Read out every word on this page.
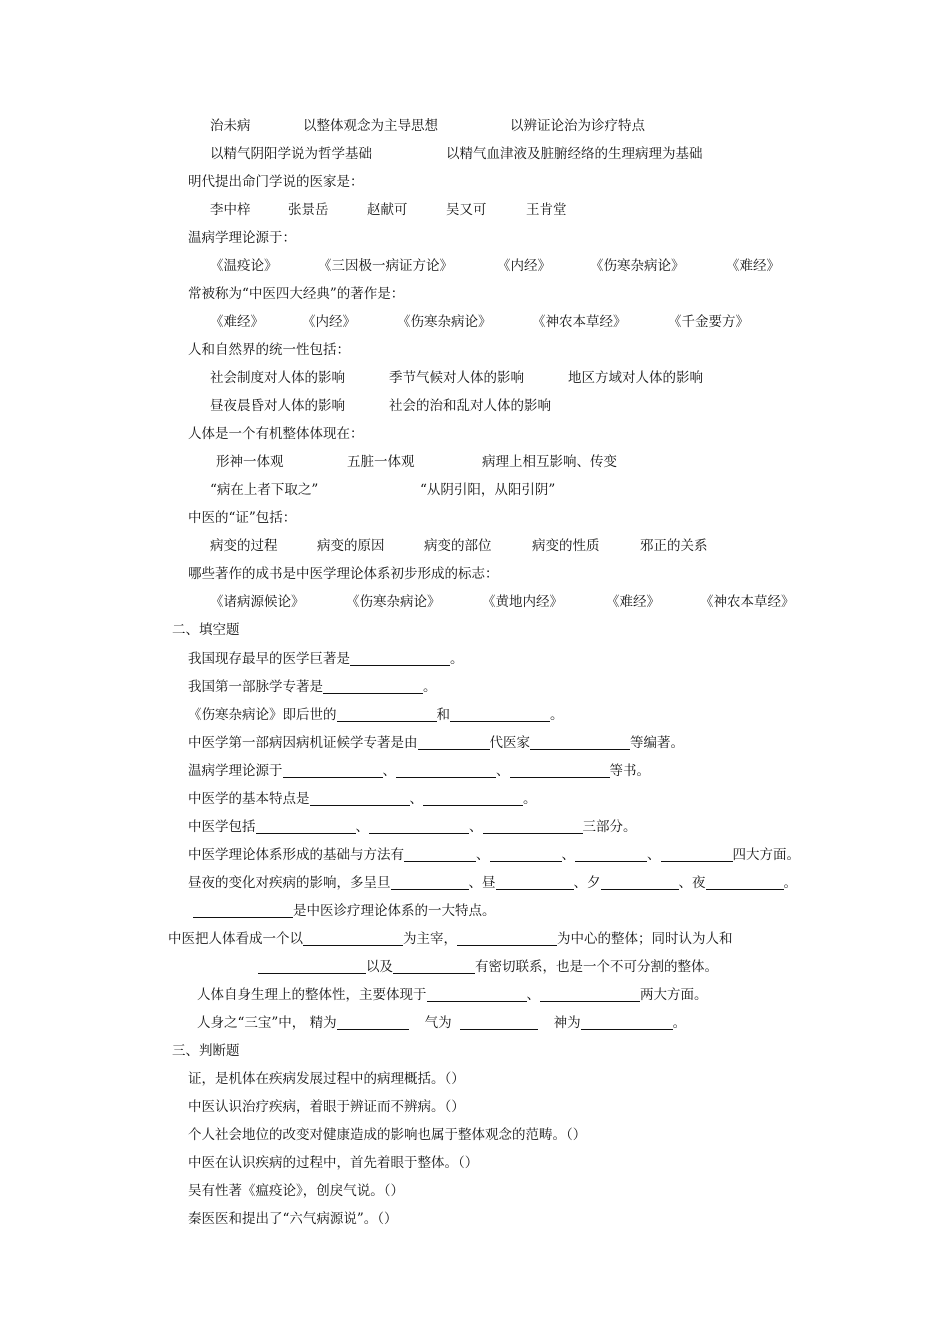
治未病	以整体观念为主导思想	以辨证论治为诊疗特点
以精气阴阳学说为哲学基础	以精气血津液及脏腑经络的生理病理为基础
明代提出命门学说的医家是：
李中梓	张景岳	赵献可	吴又可	王肯堂
温病学理论源于：
《温疫论》	《三因极一病证方论》	《内经》	《伤寒杂病论》	《难经》
常被称为“中医四大经典”的著作是：
《难经》	《内经》	《伤寒杂病论》	《神农本草经》	《千金要方》
人和自然界的统一性包括：
社会制度对人体的影响	季节气候对人体的影响	地区方域对人体的影响
昼夜晨昏对人体的影响	社会的治和乱对人体的影响
人体是一个有机整体体现在：
形神一体观	五脏一体观	病理上相互影响、传变
“病在上者下取之”	“从阴引阳，从阳引阴”
中医的“证”包括：
病变的过程	病变的原因	病变的部位	病变的性质	邪正的关系
哪些著作的成书是中医学理论体系初步形成的标志：
《诸病源候论》	《伤寒杂病论》	《黄地内经》	《难经》	《神农本草经》
二、填空题
我国现存最早的医学巨著是	。
我国第一部脉学专著是	。
《伤寒杂病论》即后世的	和	。
中医学第一部病因病机证候学专著是由	代医家	等编著。
温病学理论源于	、	、	等书。
中医学的基本特点是	、	。
中医学包括	、	、	三部分。
中医学理论体系形成的基础与方法有	、	、	、	四大方面。
昼夜的变化对疾病的影响，多呈旦	、昼	、夕	、夜	。
是中医诊疗理论体系的一大特点。
中医把人体看成一个以	为主宰，	为中心的整体；同时认为人和
以及	有密切联系，也是一个不可分割的整体。
人体自身生理上的整体性，主要体现于	、	两大方面。
人身之“三宝”中， 精为	气为	神为	。
三、判断题
证，是机体在疾病发展过程中的病理概括。（）
中医认识治疗疾病，着眼于辨证而不辨病。（）
个人社会地位的改变对健康造成的影响也属于整体观念的范畴。（）
中医在认识疾病的过程中，首先着眼于整体。（）
吴有性著《瘟疫论》，创戾气说。（）
秦医医和提出了“六气病源说”。（）
